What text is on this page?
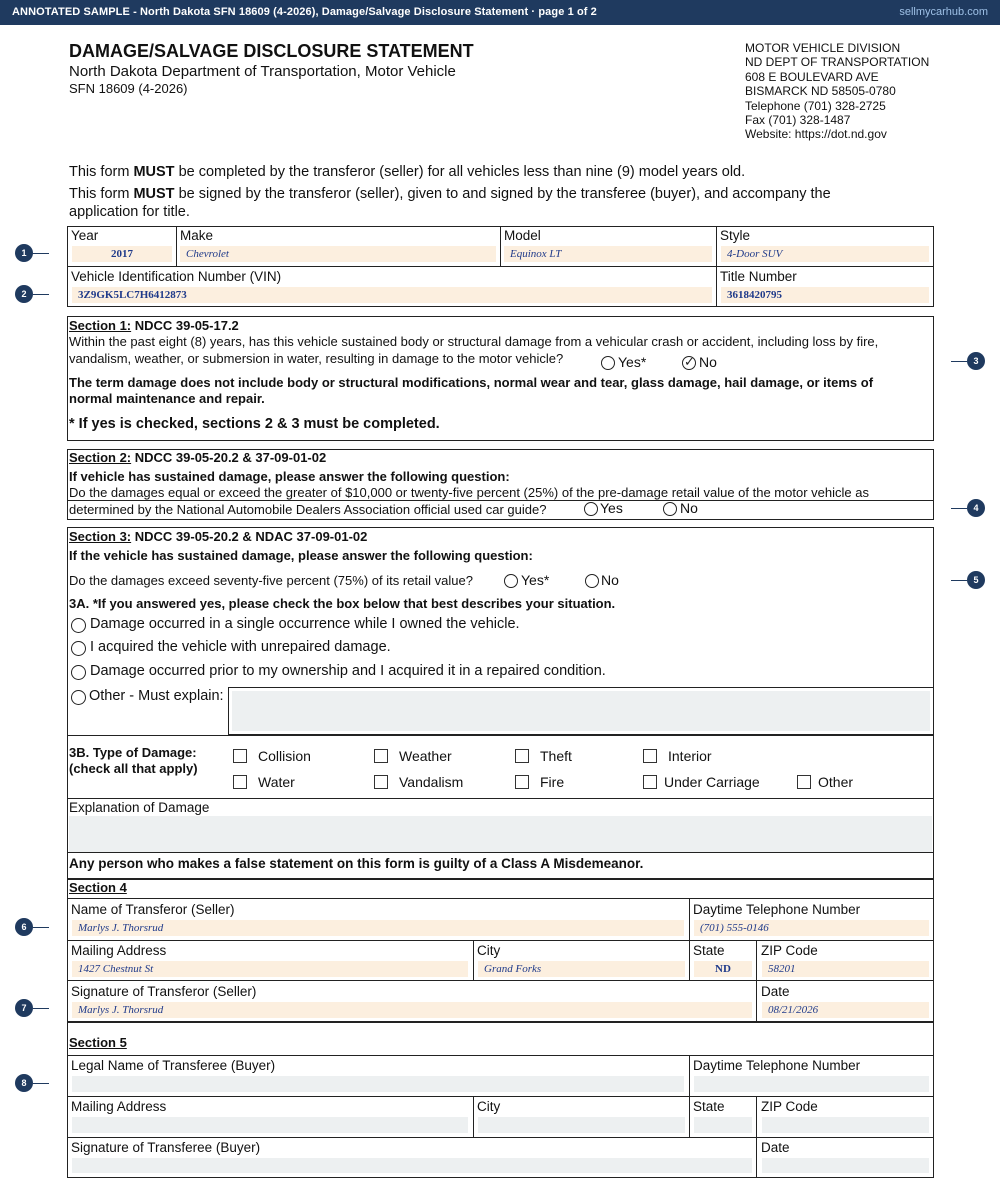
ANNOTATED SAMPLE - North Dakota SFN 18609 (4-2026), Damage/Salvage Disclosure Statement · page 1 of 2	sellmycarhub.com
DAMAGE/SALVAGE DISCLOSURE STATEMENT
North Dakota Department of Transportation, Motor Vehicle
SFN 18609 (4-2026)
MOTOR VEHICLE DIVISION
ND DEPT OF TRANSPORTATION
608 E BOULEVARD AVE
BISMARCK ND 58505-0780
Telephone (701) 328-2725
Fax (701) 328-1487
Website: https://dot.nd.gov
This form MUST be completed by the transferor (seller) for all vehicles less than nine (9) model years old.
This form MUST be signed by the transferor (seller), given to and signed by the transferee (buyer), and accompany the
application for title.
Year
2017
Make
Chevrolet
Model
Equinox LT
Style
4-Door SUV
Vehicle Identification Number (VIN)
3Z9GK5LC7H6412873
Title Number
3618420795
Section 1: NDCC 39-05-17.2
Within the past eight (8) years, has this vehicle sustained body or structural damage from a vehicular crash or accident, including loss by fire,
vandalism, weather, or submersion in water, resulting in damage to the motor vehicle?	Yes*	✓ No
The term damage does not include body or structural modifications, normal wear and tear, glass damage, hail damage, or items of
normal maintenance and repair.
* If yes is checked, sections 2 & 3 must be completed.
Section 2: NDCC 39-05-20.2 & 37-09-01-02
If vehicle has sustained damage, please answer the following question:
Do the damages equal or exceed the greater of $10,000 or twenty-five percent (25%) of the pre-damage retail value of the motor vehicle as
determined by the National Automobile Dealers Association official used car guide?	Yes	No
Section 3: NDCC 39-05-20.2 & NDAC 37-09-01-02
If the vehicle has sustained damage, please answer the following question:
Do the damages exceed seventy-five percent (75%) of its retail value?	Yes*	No
3A. *If you answered yes, please check the box below that best describes your situation.
Damage occurred in a single occurrence while I owned the vehicle.
I acquired the vehicle with unrepaired damage.
Damage occurred prior to my ownership and I acquired it in a repaired condition.
Other - Must explain:
3B. Type of Damage:
(check all that apply)
Collision	Weather	Theft	Interior
Water	Vandalism	Fire	Under Carriage	Other
Explanation of Damage
Any person who makes a false statement on this form is guilty of a Class A Misdemeanor.
Section 4
Name of Transferor (Seller)
Marlys J. Thorsrud
Daytime Telephone Number
(701) 555-0146
Mailing Address
1427 Chestnut St
City
Grand Forks
State
ND
ZIP Code
58201
Signature of Transferor (Seller)
Marlys J. Thorsrud
Date
08/21/2026
Section 5
Legal Name of Transferee (Buyer)	Daytime Telephone Number
Mailing Address	City	State	ZIP Code
Signature of Transferee (Buyer)	Date
1
2
3
4
5
6
7
8
